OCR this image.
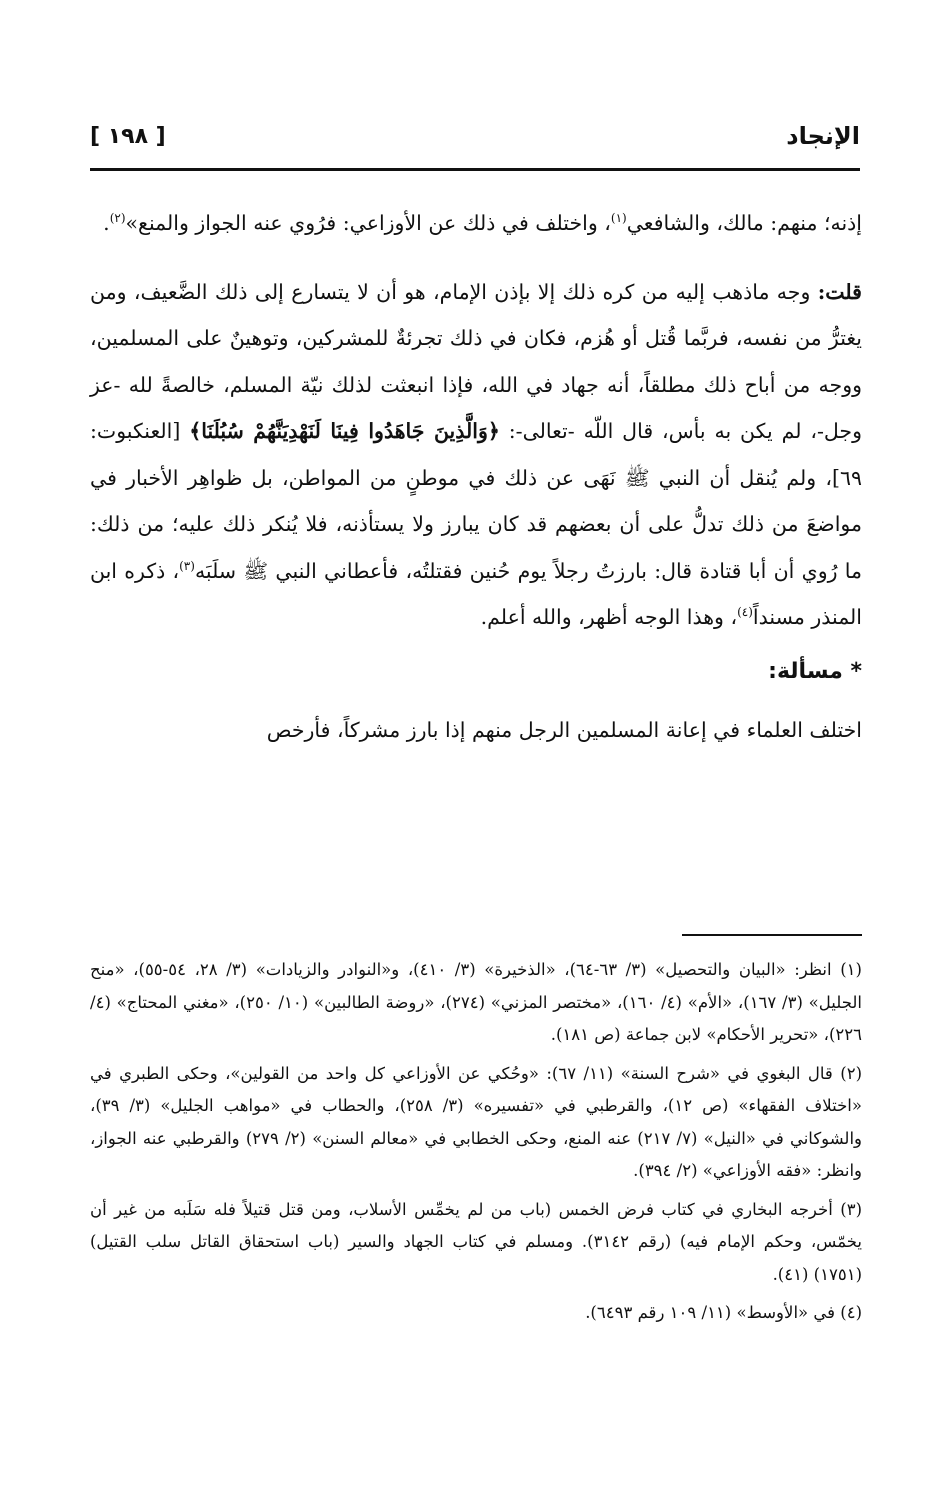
[ ١٩٨ ]	الإنجاد

إذنه؛ منهم: مالك، والشافعي$^{(١)}$، واختلف في ذلك عن الأوزاعي: فرُوي عنه الجواز والمنع»$^{(٢)}$.

قلت: وجه ماذهب إليه من كره ذلك إلا بإذن الإمام، هو أن لا يتسارع إلى ذلك الضَّعيف، ومن يغترُّ من نفسه، فربَّما قُتل أو هُزم، فكان في ذلك تجرئةٌ للمشركين، وتوهينٌ على المسلمين، ووجه من أباح ذلك مطلقاً، أنه جهاد في الله، فإذا انبعثت لذلك نيّة المسلم، خالصةً لله -عز وجل-، لم يكن به بأس، قال اللّه -تعالى-: ﴿وَالَّذِينَ جَاهَدُوا فِينَا لَنَهْدِيَنَّهُمْ سُبُلَنَا﴾ [العنكبوت: ٦٩]، ولم يُنقل أن النبي ﷺ نَهَى عن ذلك في موطنٍ من المواطن، بل ظواهِر الأخبار في مواضعَ من ذلك تدلُّ على أن بعضهم قد كان يبارز ولا يستأذنه، فلا يُنكر ذلك عليه؛ من ذلك: ما رُوي أن أبا قتادة قال: بارزتُ رجلاً يوم حُنين فقتلتُه، فأعطاني النبي ﷺ سلَبَه$^{(٣)}$، ذكره ابن المنذر مسنداً$^{(٤)}$، وهذا الوجه أظهر، والله أعلم.

* مسألة:

اختلف العلماء في إعانة المسلمين الرجل منهم إذا بارز مشركاً، فأرخص

(١) انظر: «البيان والتحصيل» (٣/ ٦٣-٦٤)، «الذخيرة» (٣/ ٤١٠)، و«النوادر والزيادات» (٣/ ٢٨، ٥٤-٥٥)، «منح الجليل» (٣/ ١٦٧)، «الأم» (٤/ ١٦٠)، «مختصر المزني» (٢٧٤)، «روضة الطالبين» (١٠/ ٢٥٠)، «مغني المحتاج» (٤/ ٢٢٦)، «تحرير الأحكام» لابن جماعة (ص ١٨١).

(٢) قال البغوي في «شرح السنة» (١١/ ٦٧): «وحُكي عن الأوزاعي كل واحد من القولين»، وحكى الطبري في «اختلاف الفقهاء» (ص ١٢)، والقرطبي في «تفسيره» (٣/ ٢٥٨)، والحطاب في «مواهب الجليل» (٣/ ٣٩)، والشوكاني في «النيل» (٧/ ٢١٧) عنه المنع، وحكى الخطابي في «معالم السنن» (٢/ ٢٧٩) والقرطبي عنه الجواز، وانظر: «فقه الأوزاعي» (٢/ ٣٩٤).

(٣) أخرجه البخاري في كتاب فرض الخمس (باب من لم يخمِّس الأسلاب، ومن قتل قتيلاً فله سَلَبه من غير أن يخمّس، وحكم الإمام فيه) (رقم ٣١٤٢). ومسلم في كتاب الجهاد والسير (باب استحقاق القاتل سلب القتيل) (١٧٥١) (٤١).

(٤) في «الأوسط» (١١/ ١٠٩ رقم ٦٤٩٣).
